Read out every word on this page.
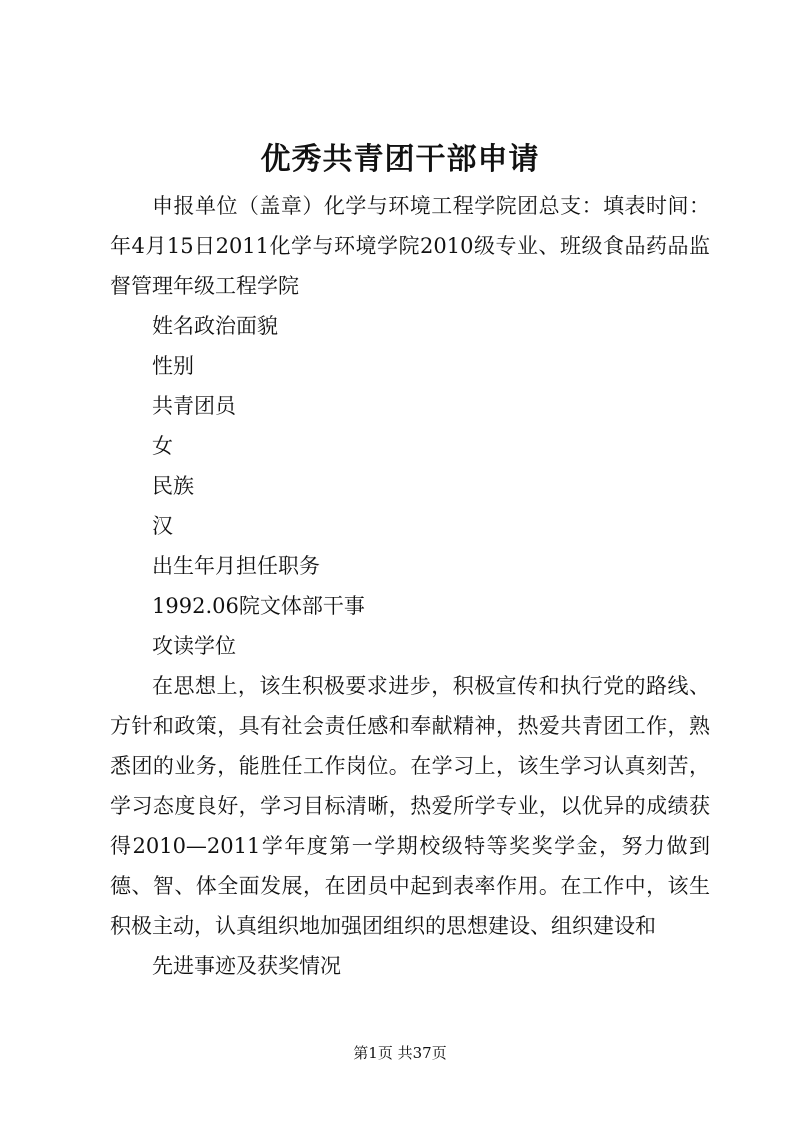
优秀共青团干部申请

申报单位（盖章）化学与环境工程学院团总支：填表时间：年4月15日2011化学与环境学院2010级专业、班级食品药品监督管理年级工程学院

姓名政治面貌

性别

共青团员

女

民族

汉

出生年月担任职务

1992.06院文体部干事

攻读学位

在思想上，该生积极要求进步，积极宣传和执行党的路线、方针和政策，具有社会责任感和奉献精神，热爱共青团工作，熟悉团的业务，能胜任工作岗位。在学习上，该生学习认真刻苦，学习态度良好，学习目标清晰，热爱所学专业，以优异的成绩获得2010—2011学年度第一学期校级特等奖奖学金，努力做到德、智、体全面发展，在团员中起到表率作用。在工作中，该生积极主动，认真组织地加强团组织的思想建设、组织建设和

先进事迹及获奖情况

第1页 共37页
